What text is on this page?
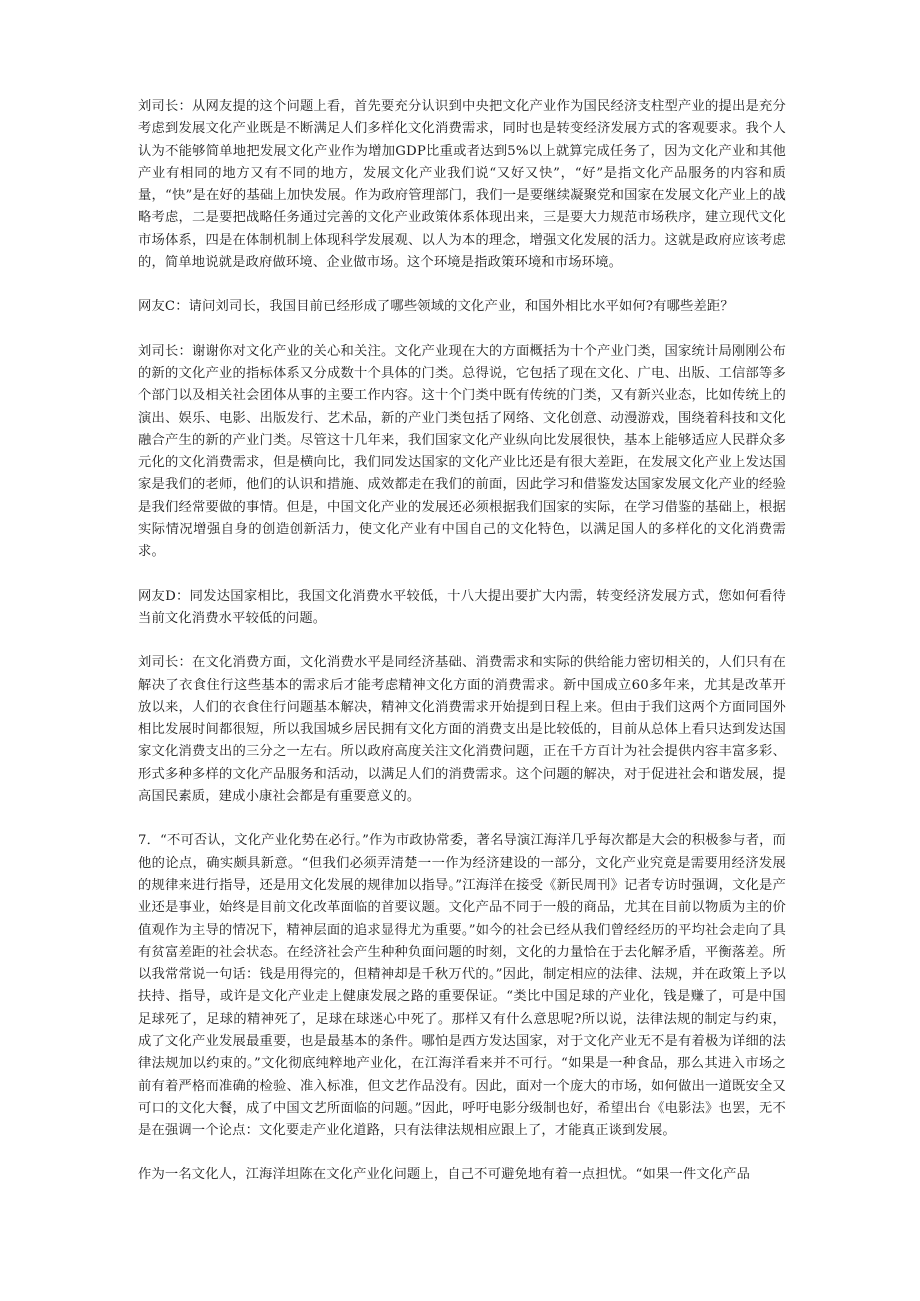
刘司长：从网友提的这个问题上看，首先要充分认识到中央把文化产业作为国民经济支柱型产业的提出是充分考虑到发展文化产业既是不断满足人们多样化文化消费需求，同时也是转变经济发展方式的客观要求。我个人认为不能够简单地把发展文化产业作为增加GDP比重或者达到5%以上就算完成任务了，因为文化产业和其他产业有相同的地方又有不同的地方，发展文化产业我们说“又好又快”，“好”是指文化产品服务的内容和质量，“快”是在好的基础上加快发展。作为政府管理部门，我们一是要继续凝聚党和国家在发展文化产业上的战略考虑，二是要把战略任务通过完善的文化产业政策体系体现出来，三是要大力规范市场秩序，建立现代文化市场体系，四是在体制机制上体现科学发展观、以人为本的理念，增强文化发展的活力。这就是政府应该考虑的，简单地说就是政府做环境、企业做市场。这个环境是指政策环境和市场环境。

网友C：请问刘司长，我国目前已经形成了哪些领域的文化产业，和国外相比水平如何?有哪些差距？

刘司长：谢谢你对文化产业的关心和关注。文化产业现在大的方面概括为十个产业门类，国家统计局刚刚公布的新的文化产业的指标体系又分成数十个具体的门类。总得说，它包括了现在文化、广电、出版、工信部等多个部门以及相关社会团体从事的主要工作内容。这十个门类中既有传统的门类，又有新兴业态，比如传统上的演出、娱乐、电影、出版发行、艺术品，新的产业门类包括了网络、文化创意、动漫游戏，围绕着科技和文化融合产生的新的产业门类。尽管这十几年来，我们国家文化产业纵向比发展很快，基本上能够适应人民群众多元化的文化消费需求，但是横向比，我们同发达国家的文化产业比还是有很大差距，在发展文化产业上发达国家是我们的老师，他们的认识和措施、成效都走在我们的前面，因此学习和借鉴发达国家发展文化产业的经验是我们经常要做的事情。但是，中国文化产业的发展还必须根据我们国家的实际，在学习借鉴的基础上，根据实际情况增强自身的创造创新活力，使文化产业有中国自己的文化特色，以满足国人的多样化的文化消费需求。

网友D：同发达国家相比，我国文化消费水平较低，十八大提出要扩大内需，转变经济发展方式，您如何看待当前文化消费水平较低的问题。

刘司长：在文化消费方面，文化消费水平是同经济基础、消费需求和实际的供给能力密切相关的，人们只有在解决了衣食住行这些基本的需求后才能考虑精神文化方面的消费需求。新中国成立60多年来，尤其是改革开放以来，人们的衣食住行问题基本解决，精神文化消费需求开始提到日程上来。但由于我们这两个方面同国外相比发展时间都很短，所以我国城乡居民拥有文化方面的消费支出是比较低的，目前从总体上看只达到发达国家文化消费支出的三分之一左右。所以政府高度关注文化消费问题，正在千方百计为社会提供内容丰富多彩、形式多种多样的文化产品服务和活动，以满足人们的消费需求。这个问题的解决，对于促进社会和谐发展，提高国民素质，建成小康社会都是有重要意义的。

7．“不可否认，文化产业化势在必行。”作为市政协常委，著名导演江海洋几乎每次都是大会的积极参与者，而他的论点，确实颇具新意。“但我们必须弄清楚一一作为经济建设的一部分，文化产业究竟是需要用经济发展的规律来进行指导，还是用文化发展的规律加以指导。”江海洋在接受《新民周刊》记者专访时强调，文化是产业还是事业，始终是目前文化改革面临的首要议题。文化产品不同于一般的商品，尤其在目前以物质为主的价值观作为主导的情况下，精神层面的追求显得尤为重要。”如今的社会已经从我们曾经经历的平均社会走向了具有贫富差距的社会状态。在经济社会产生种种负面问题的时刻，文化的力量恰在于去化解矛盾，平衡落差。所以我常常说一句话：钱是用得完的，但精神却是千秋万代的。”因此，制定相应的法律、法规，并在政策上予以扶持、指导，或许是文化产业走上健康发展之路的重要保证。“类比中国足球的产业化，钱是赚了，可是中国足球死了，足球的精神死了，足球在球迷心中死了。那样又有什么意思呢?所以说，法律法规的制定与约束，成了文化产业发展最重要，也是最基本的条件。哪怕是西方发达国家，对于文化产业无不是有着极为详细的法律法规加以约束的。”文化彻底纯粹地产业化，在江海洋看来并不可行。“如果是一种食品，那么其进入市场之前有着严格而准确的检验、准入标准，但文艺作品没有。因此，面对一个庞大的市场，如何做出一道既安全又可口的文化大餐，成了中国文艺所面临的问题。”因此，呼吁电影分级制也好，希望出台《电影法》也罢，无不是在强调一个论点：文化要走产业化道路，只有法律法规相应跟上了，才能真正谈到发展。

作为一名文化人，江海洋坦陈在文化产业化问题上，自己不可避免地有着一点担忧。“如果一件文化产品
